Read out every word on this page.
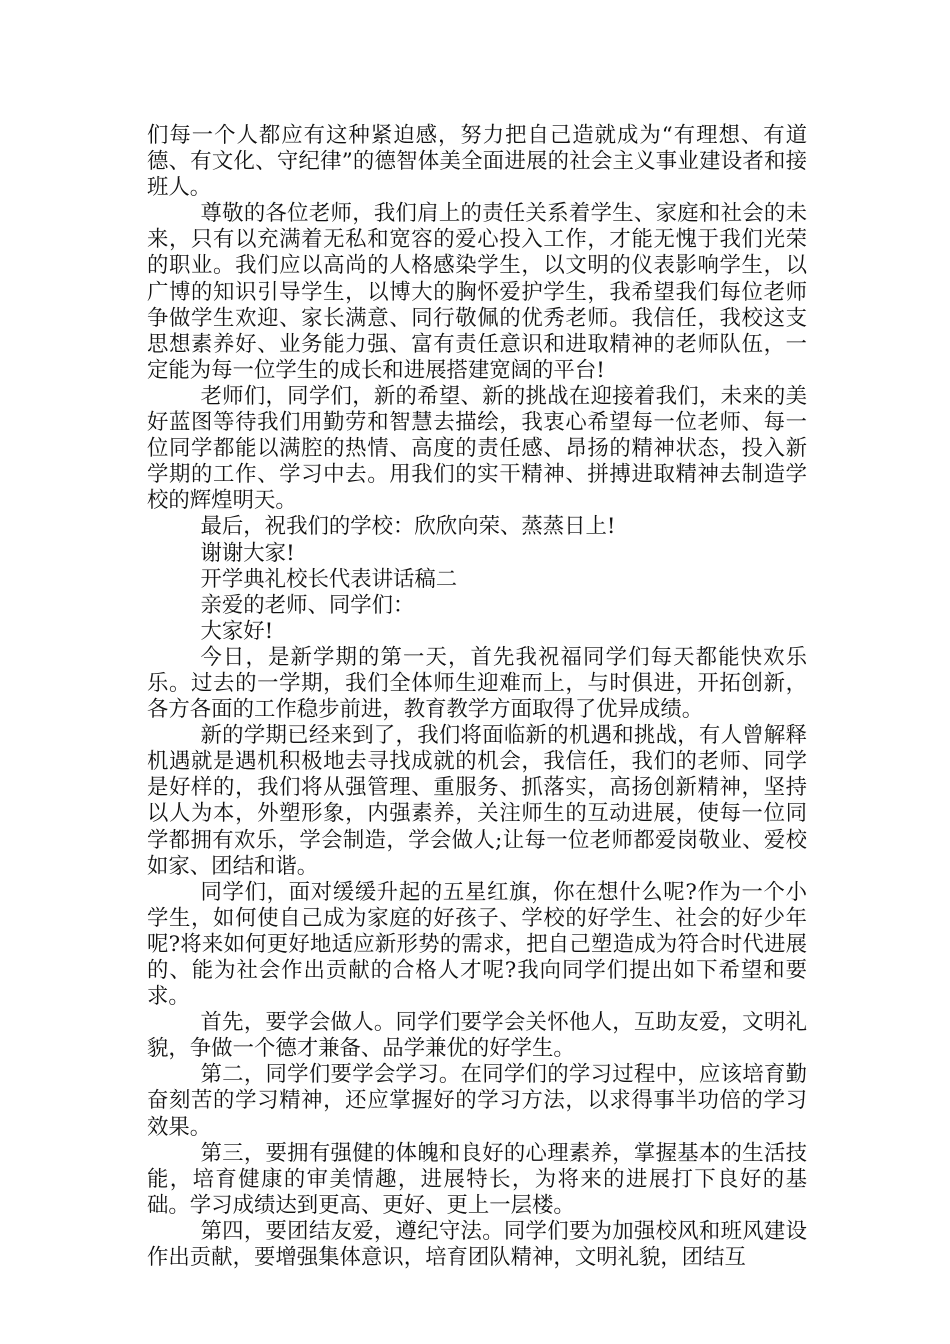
们每一个人都应有这种紧迫感，努力把自己造就成为“有理想、有道德、有文化、守纪律”的德智体美全面进展的社会主义事业建设者和接班人。

尊敬的各位老师，我们肩上的责任关系着学生、家庭和社会的未来，只有以充满着无私和宽容的爱心投入工作，才能无愧于我们光荣的职业。我们应以高尚的人格感染学生，以文明的仪表影响学生，以广博的知识引导学生，以博大的胸怀爱护学生，我希望我们每位老师争做学生欢迎、家长满意、同行敬佩的优秀老师。我信任，我校这支思想素养好、业务能力强、富有责任意识和进取精神的老师队伍，一定能为每一位学生的成长和进展搭建宽阔的平台!

老师们，同学们，新的希望、新的挑战在迎接着我们，未来的美好蓝图等待我们用勤劳和智慧去描绘，我衷心希望每一位老师、每一位同学都能以满腔的热情、高度的责任感、昂扬的精神状态，投入新学期的工作、学习中去。用我们的实干精神、拼搏进取精神去制造学校的辉煌明天。

最后，祝我们的学校：欣欣向荣、蒸蒸日上!

谢谢大家!

开学典礼校长代表讲话稿二

亲爱的老师、同学们：

大家好!

今日，是新学期的第一天，首先我祝福同学们每天都能快欢乐乐。过去的一学期，我们全体师生迎难而上，与时俱进，开拓创新，各方各面的工作稳步前进，教育教学方面取得了优异成绩。

新的学期已经来到了，我们将面临新的机遇和挑战，有人曾解释机遇就是遇机积极地去寻找成就的机会，我信任，我们的老师、同学是好样的，我们将从强管理、重服务、抓落实，高扬创新精神，坚持以人为本，外塑形象，内强素养，关注师生的互动进展，使每一位同学都拥有欢乐，学会制造，学会做人;让每一位老师都爱岗敬业、爱校如家、团结和谐。

同学们，面对缓缓升起的五星红旗，你在想什么呢?作为一个小学生，如何使自己成为家庭的好孩子、学校的好学生、社会的好少年呢?将来如何更好地适应新形势的需求，把自己塑造成为符合时代进展的、能为社会作出贡献的合格人才呢?我向同学们提出如下希望和要求。

首先，要学会做人。同学们要学会关怀他人，互助友爱，文明礼貌，争做一个德才兼备、品学兼优的好学生。

第二，同学们要学会学习。在同学们的学习过程中，应该培育勤奋刻苦的学习精神，还应掌握好的学习方法，以求得事半功倍的学习效果。

第三，要拥有强健的体魄和良好的心理素养，掌握基本的生活技能，培育健康的审美情趣，进展特长，为将来的进展打下良好的基础。学习成绩达到更高、更好、更上一层楼。

第四，要团结友爱，遵纪守法。同学们要为加强校风和班风建设作出贡献，要增强集体意识，培育团队精神，文明礼貌，团结互
